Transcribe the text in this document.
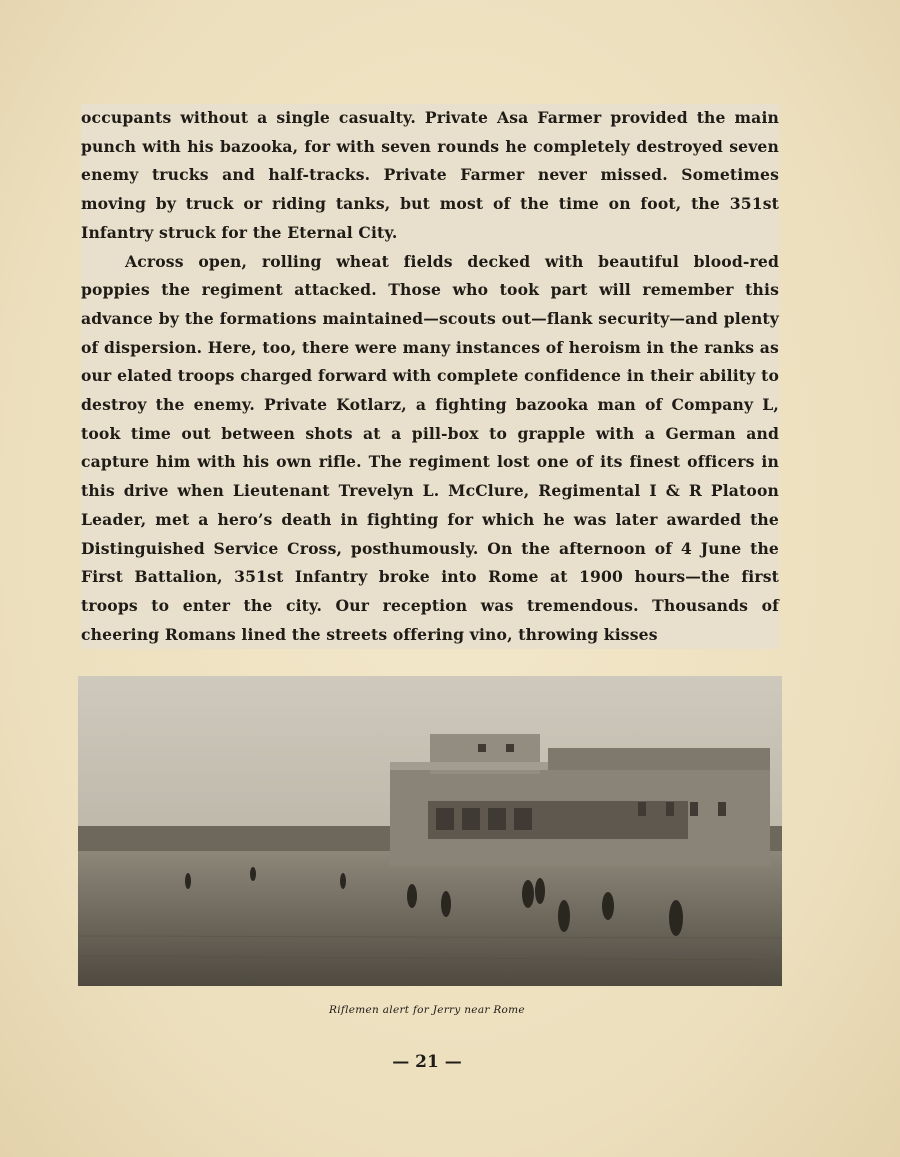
occupants without a single casualty. Private Asa Farmer provided the main punch with his bazooka, for with seven rounds he completely destroyed seven enemy trucks and half-tracks. Private Farmer never missed. Sometimes moving by truck or riding tanks, but most of the time on foot, the 351st Infantry struck for the Eternal City.

Across open, rolling wheat fields decked with beautiful blood-red poppies the regiment attacked. Those who took part will remember this advance by the formations maintained—scouts out—flank security—and plenty of dispersion. Here, too, there were many instances of heroism in the ranks as our elated troops charged forward with complete confidence in their ability to destroy the enemy. Private Kotlarz, a fighting bazooka man of Company L, took time out between shots at a pill-box to grapple with a German and capture him with his own rifle. The regiment lost one of its finest officers in this drive when Lieutenant Trevelyn L. McClure, Regimental I & R Platoon Leader, met a hero’s death in fighting for which he was later awarded the Distinguished Service Cross, posthumously. On the afternoon of 4 June the First Battalion, 351st Infantry broke into Rome at 1900 hours—the first troops to enter the city. Our reception was tremendous. Thousands of cheering Romans lined the streets offering vino, throwing kisses

Riflemen alert for Jerry near Rome
— 21 —
